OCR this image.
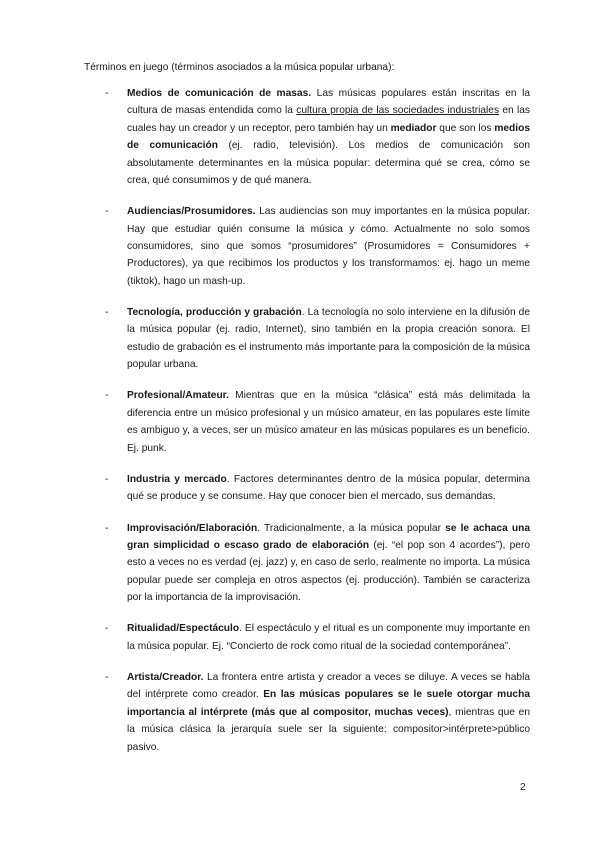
Términos en juego (términos asociados a la música popular urbana):
- Medios de comunicación de masas. Las músicas populares están inscritas en la cultura de masas entendida como la cultura propia de las sociedades industriales en las cuales hay un creador y un receptor, pero también hay un mediador que son los medios de comunicación (ej. radio, televisión). Los medios de comunicación son absolutamente determinantes en la música popular: determina qué se crea, cómo se crea, qué consumimos y de qué manera.

- Audiencias/Prosumidores. Las audiencias son muy importantes en la música popular. Hay que estudiar quién consume la música y cómo. Actualmente no solo somos consumidores, sino que somos “prosumidores” (Prosumidores = Consumidores + Productores), ya que recibimos los productos y los transformamos: ej. hago un meme (tiktok), hago un mash-up.

- Tecnología, producción y grabación. La tecnología no solo interviene en la difusión de la música popular (ej. radio, Internet), sino también en la propia creación sonora. El estudio de grabación es el instrumento más importante para la composición de la música popular urbana.

- Profesional/Amateur. Mientras que en la música “clásica” está más delimitada la diferencia entre un músico profesional y un músico amateur, en las populares este límite es ambiguo y, a veces, ser un músico amateur en las músicas populares es un beneficio. Ej. punk.

- Industria y mercado. Factores determinantes dentro de la música popular, determina qué se produce y se consume. Hay que conocer bien el mercado, sus demandas.

- Improvisación/Elaboración. Tradicionalmente, a la música popular se le achaca una gran simplicidad o escaso grado de elaboración (ej. “el pop son 4 acordes”), pero esto a veces no es verdad (ej. jazz) y, en caso de serlo, realmente no importa. La música popular puede ser compleja en otros aspectos (ej. producción). También se caracteriza por la importancia de la improvisación.

- Ritualidad/Espectáculo. El espectáculo y el ritual es un componente muy importante en la música popular. Ej. “Concierto de rock como ritual de la sociedad contemporánea”.

- Artista/Creador. La frontera entre artista y creador a veces se diluye. A veces se habla del intérprete como creador. En las músicas populares se le suele otorgar mucha importancia al intérprete (más que al compositor, muchas veces), mientras que en la música clásica la jerarquía suele ser la siguiente: compositor>intérprete>público pasivo.

2
